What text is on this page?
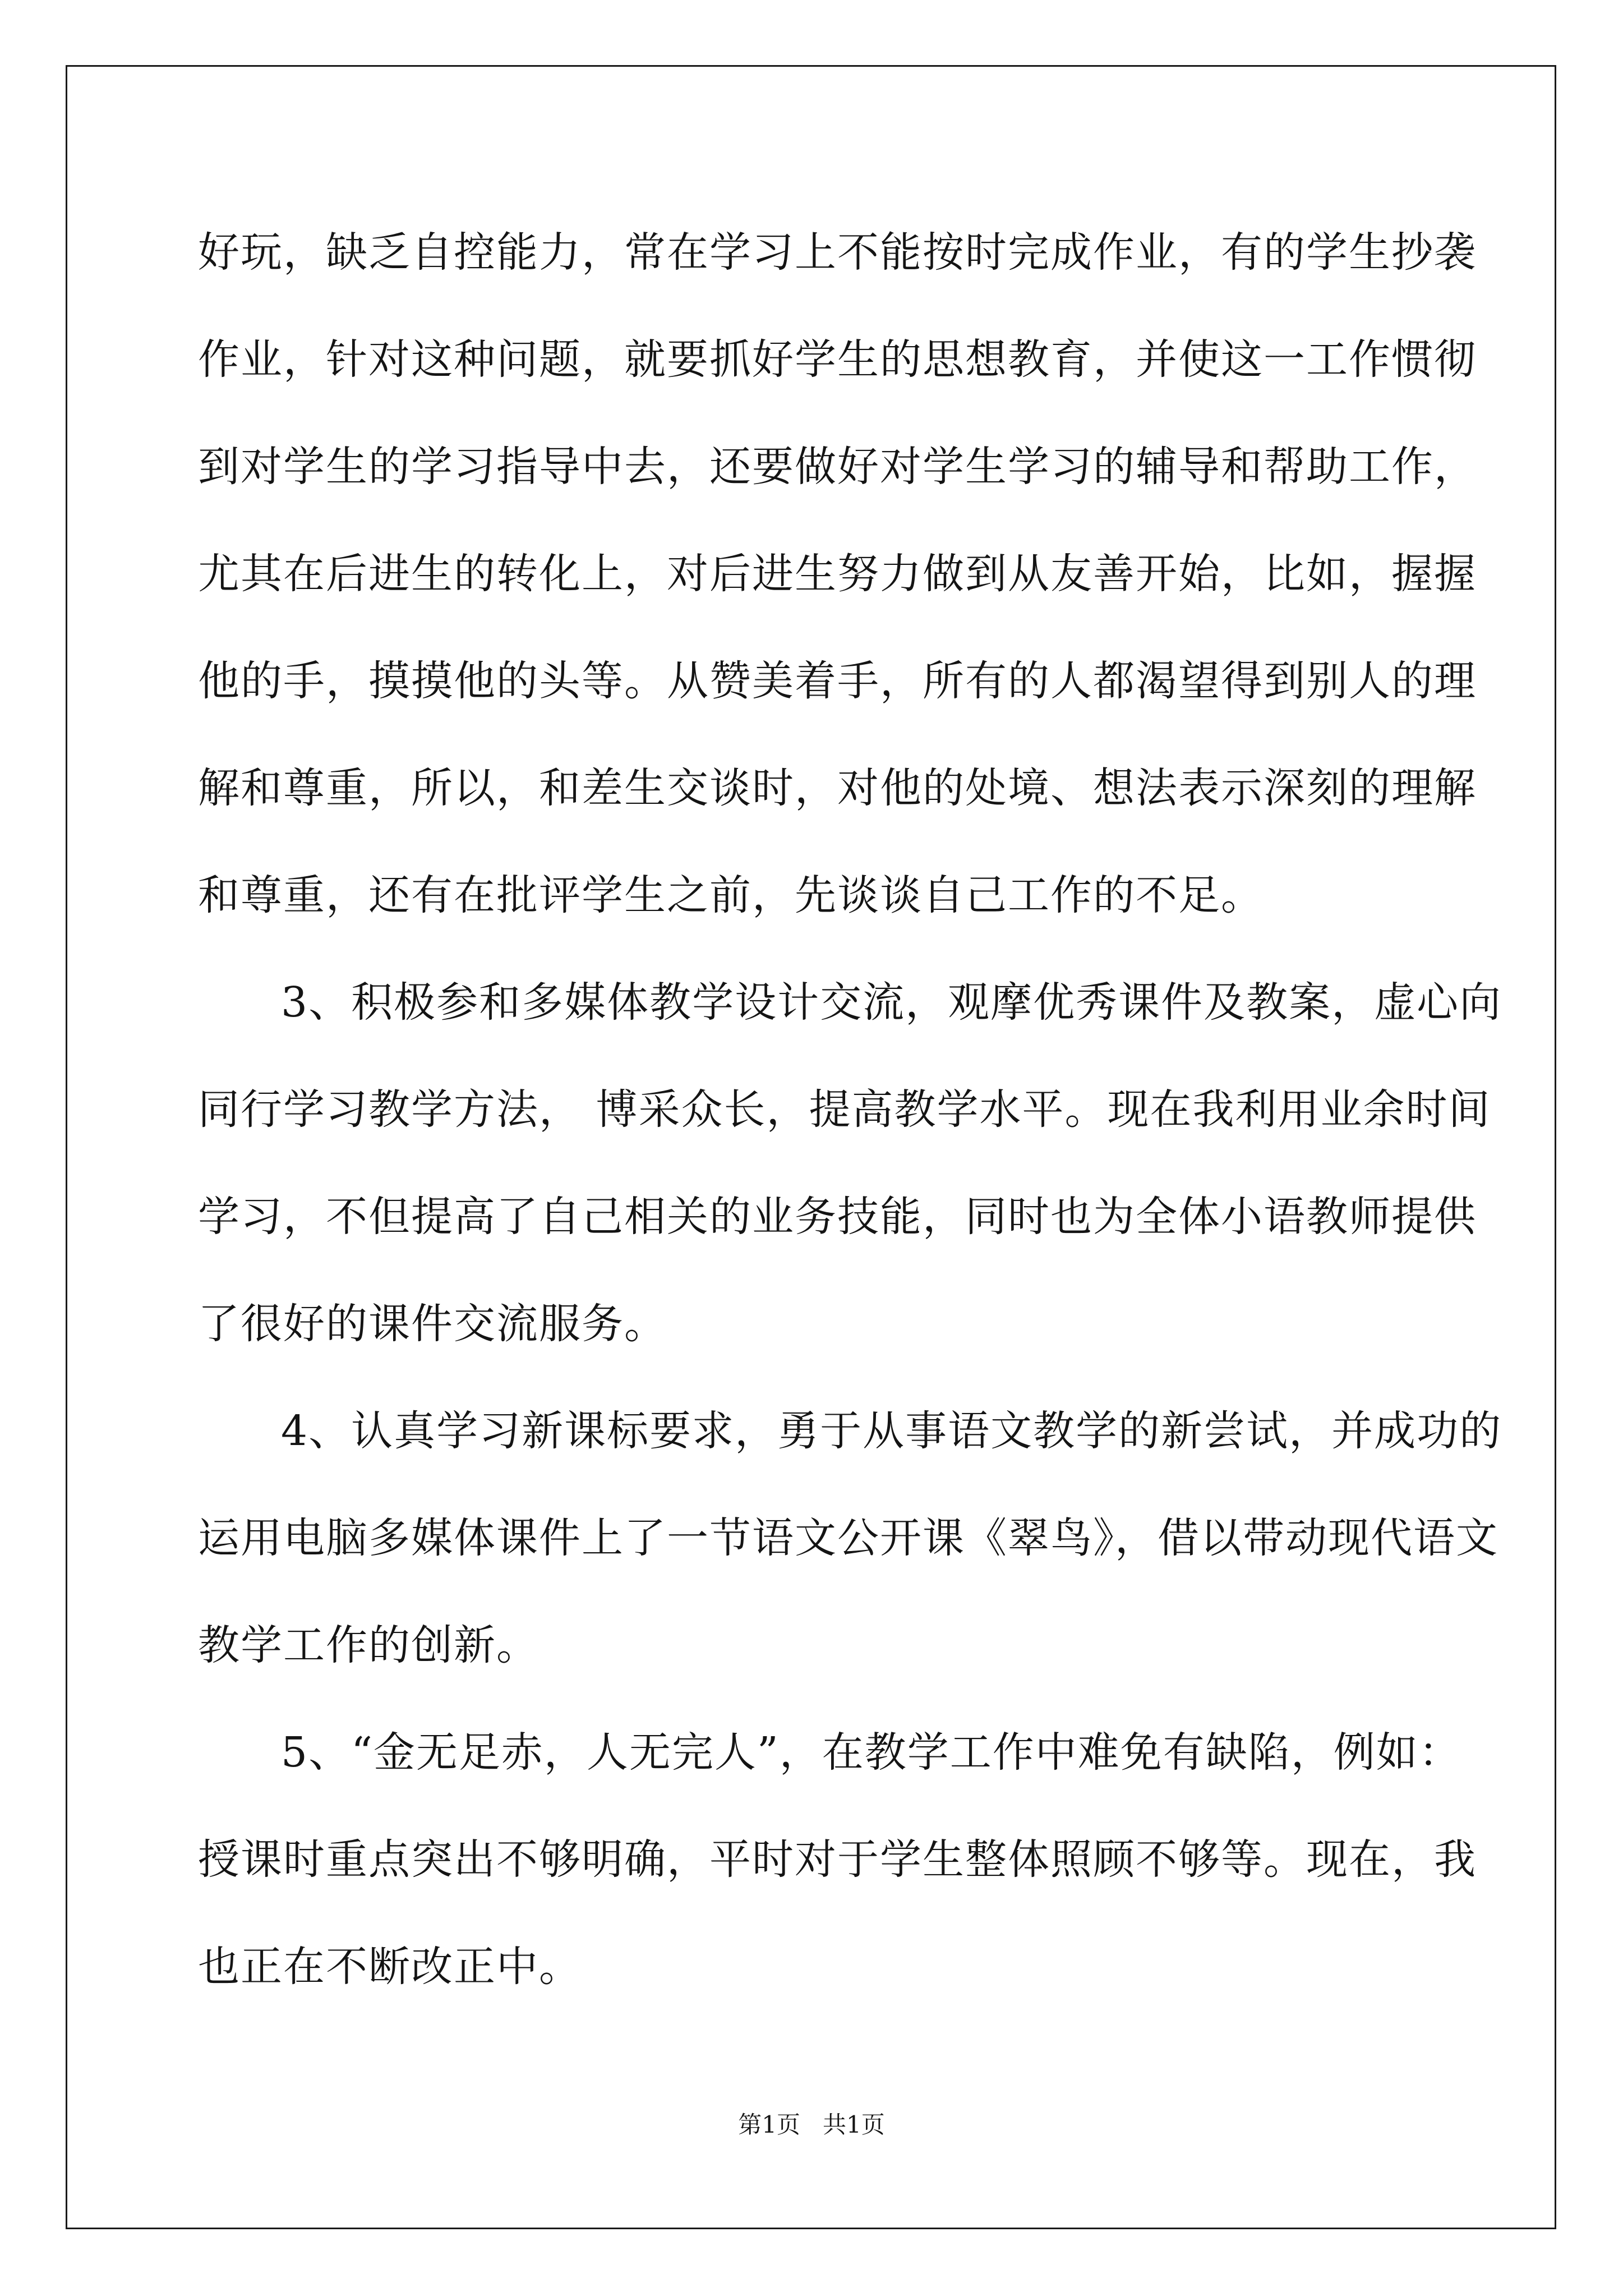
好玩，缺乏自控能力，常在学习上不能按时完成作业，有的学生抄袭
作业，针对这种问题，就要抓好学生的思想教育，并使这一工作惯彻
到对学生的学习指导中去，还要做好对学生学习的辅导和帮助工作，
尤其在后进生的转化上，对后进生努力做到从友善开始，比如，握握
他的手，摸摸他的头等。从赞美着手，所有的人都渴望得到别人的理
解和尊重，所以，和差生交谈时，对他的处境、想法表示深刻的理解
和尊重，还有在批评学生之前，先谈谈自己工作的不足。
3、积极参和多媒体教学设计交流，观摩优秀课件及教案，虚心向
同行学习教学方法， 博采众长，提高教学水平。现在我利用业余时间
学习，不但提高了自己相关的业务技能，同时也为全体小语教师提供
了很好的课件交流服务。
4、认真学习新课标要求，勇于从事语文教学的新尝试，并成功的
运用电脑多媒体课件上了一节语文公开课《翠鸟》，借以带动现代语文
教学工作的创新。
5、“金无足赤，人无完人”，在教学工作中难免有缺陷，例如：
授课时重点突出不够明确，平时对于学生整体照顾不够等。现在，我
也正在不断改正中。
第1页   共1页
